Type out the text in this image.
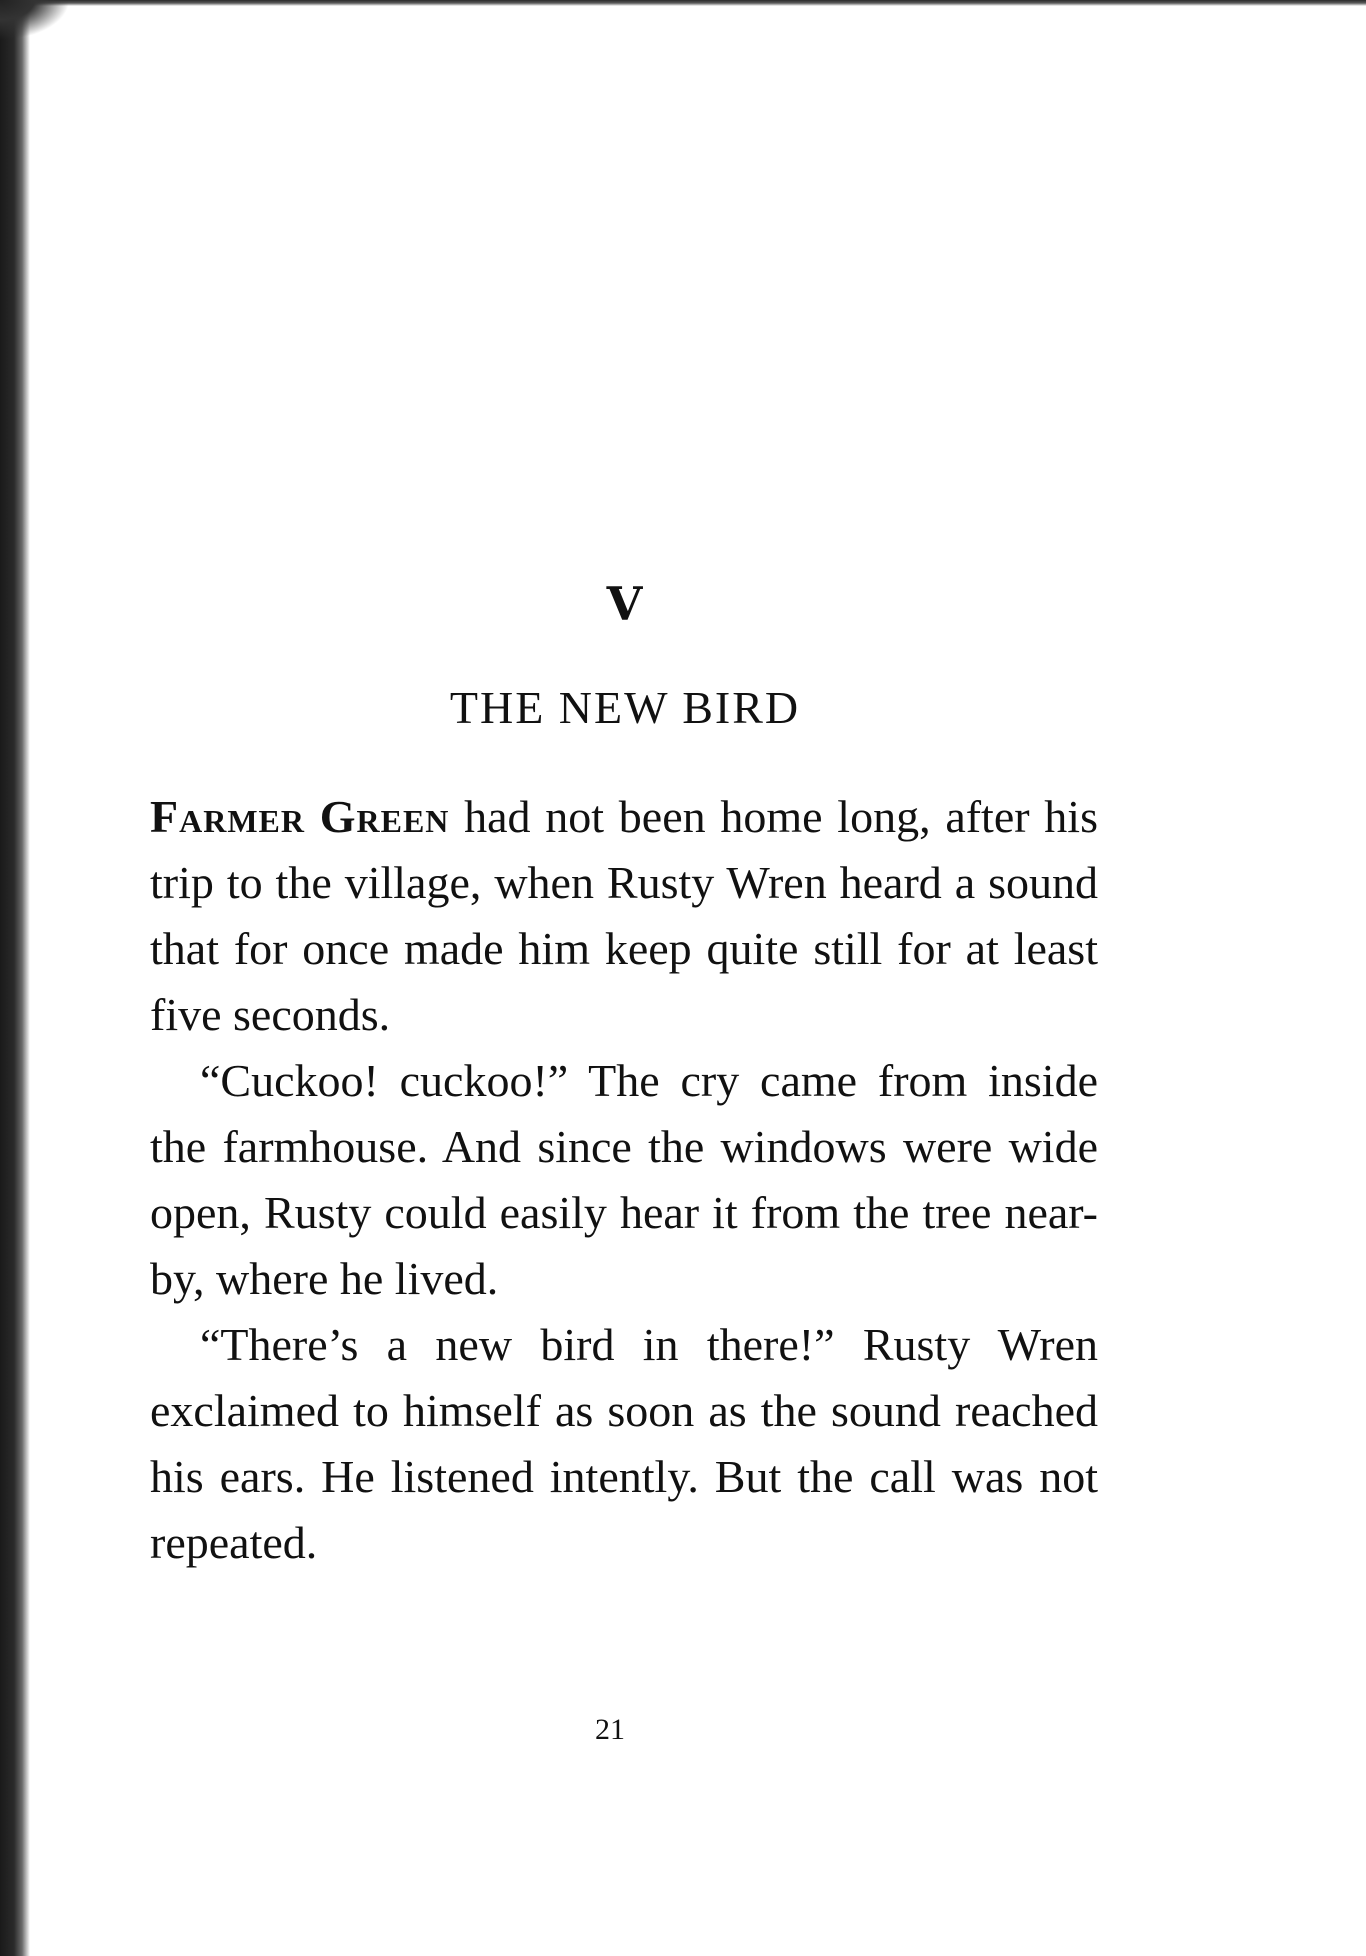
V
THE NEW BIRD

Farmer Green had not been home long, after his trip to the village, when Rusty Wren heard a sound that for once made him keep quite still for at least five seconds.

“Cuckoo! cuckoo!” The cry came from inside the farmhouse. And since the windows were wide open, Rusty could easily hear it from the tree near-by, where he lived.

“There’s a new bird in there!” Rusty Wren exclaimed to himself as soon as the sound reached his ears. He listened intently. But the call was not repeated.

21
